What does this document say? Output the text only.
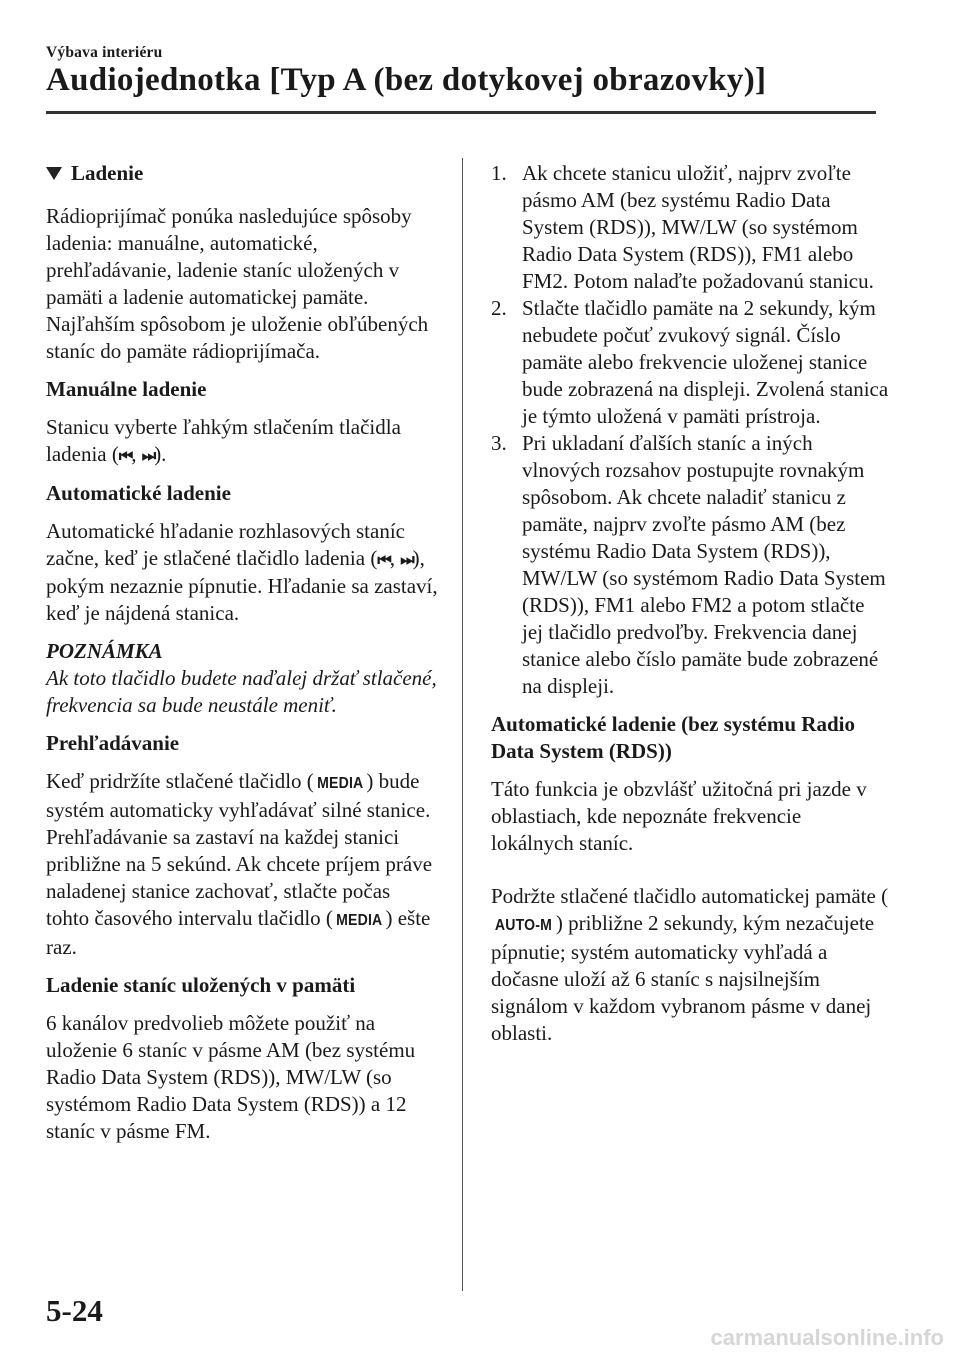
Výbava interiéru
Audiojednotka [Typ A (bez dotykovej obrazovky)]
Ladenie

Rádioprijímač ponúka nasledujúce spôsoby ladenia: manuálne, automatické, prehľadávanie, ladenie staníc uložených v pamäti a ladenie automatickej pamäte. Najľahším spôsobom je uloženie obľúbených staníc do pamäte rádioprijímača.

Manuálne ladenie

Stanicu vyberte ľahkým stlačením tlačidla ladenia (⏮, ⏭).

Automatické ladenie

Automatické hľadanie rozhlasových staníc začne, keď je stlačené tlačidlo ladenia (⏮, ⏭), pokým nezaznie pípnutie. Hľadanie sa zastaví, keď je nájdená stanica.

POZNÁMKA

Ak toto tlačidlo budete naďalej držať stlačené, frekvencia sa bude neustále meniť.

Prehľadávanie

Keď pridržíte stlačené tlačidlo ( MEDIA ) bude systém automaticky vyhľadávať silné stanice. Prehľadávanie sa zastaví na každej stanici približne na 5 sekúnd. Ak chcete príjem práve naladenej stanice zachovať, stlačte počas tohto časového intervalu tlačidlo ( MEDIA ) ešte raz.

Ladenie staníc uložených v pamäti

6 kanálov predvolieb môžete použiť na uloženie 6 staníc v pásme AM (bez systému Radio Data System (RDS)), MW/LW (so systémom Radio Data System (RDS)) a 12 staníc v pásme FM.

1. Ak chcete stanicu uložiť, najprv zvoľte pásmo AM (bez systému Radio Data System (RDS)), MW/LW (so systémom Radio Data System (RDS)), FM1 alebo FM2. Potom nalaďte požadovanú stanicu.
2. Stlačte tlačidlo pamäte na 2 sekundy, kým nebudete počuť zvukový signál. Číslo pamäte alebo frekvencie uloženej stanice bude zobrazená na displeji. Zvolená stanica je týmto uložená v pamäti prístroja.
3. Pri ukladaní ďalších staníc a iných vlnových rozsahov postupujte rovnakým spôsobom. Ak chcete naladiť stanicu z pamäte, najprv zvoľte pásmo AM (bez systému Radio Data System (RDS)), MW/LW (so systémom Radio Data System (RDS)), FM1 alebo FM2 a potom stlačte jej tlačidlo predvoľby. Frekvencia danej stanice alebo číslo pamäte bude zobrazené na displeji.

Automatické ladenie (bez systému Radio Data System (RDS))

Táto funkcia je obzvlášť užitočná pri jazde v oblastiach, kde nepoznáte frekvencie lokálnych staníc.

Podržte stlačené tlačidlo automatickej pamäte (AUTO-M ) približne 2 sekundy, kým nezačujete pípnutie; systém automaticky vyhľadá a dočasne uloží až 6 staníc s najsilnejším signálom v každom vybranom pásme v danej oblasti.

5-24
carmanualsonline.info
